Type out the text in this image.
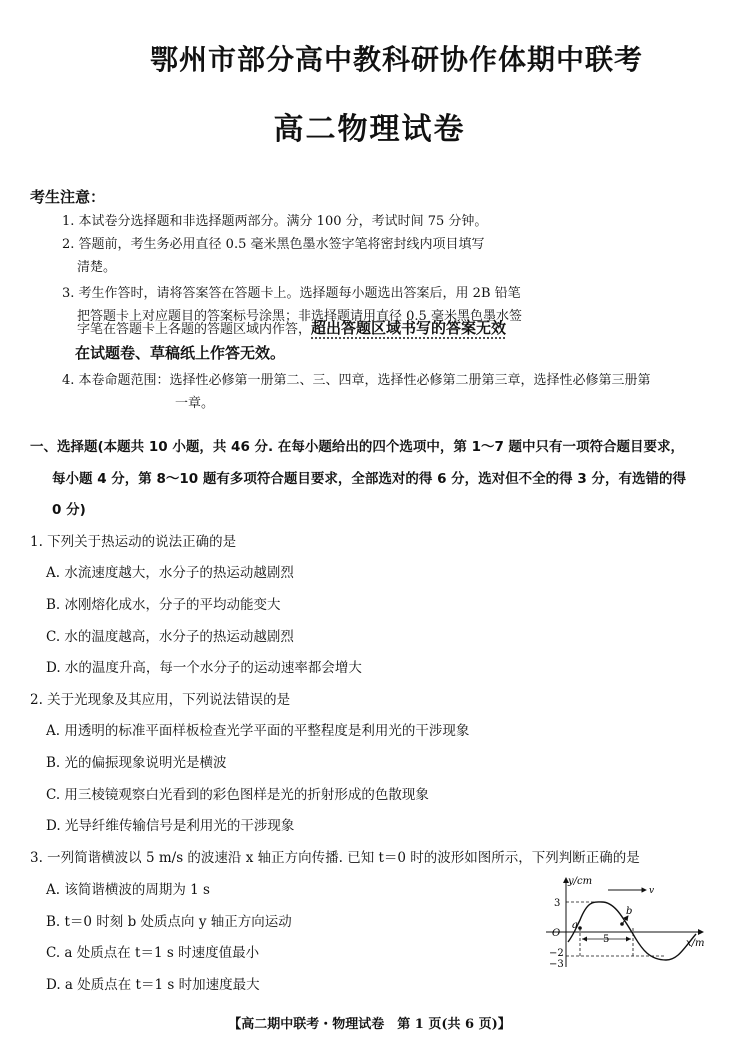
鄂州市部分高中教科研协作体期中联考
高二物理试卷
考生注意：
1. 本试卷分选择题和非选择题两部分。满分 100 分，考试时间 75 分钟。
2. 答题前，考生务必用直径 0.5 毫米黑色墨水签字笔将密封线内项目填写
清楚。
3. 考生作答时，请将答案答在答题卡上。选择题每小题选出答案后，用 2B 铅笔
把答题卡上对应题目的答案标号涂黑；非选择题请用直径 0.5 毫米黑色墨水签
字笔在答题卡上各题的答题区域内作答，超出答题区域书写的答案无效
在试题卷、草稿纸上作答无效。
4. 本卷命题范围：选择性必修第一册第二、三、四章，选择性必修第二册第三章，选择性必修第三册第
一章。
一、选择题(本题共 10 小题，共 46 分. 在每小题给出的四个选项中，第 1～7 题中只有一项符合题目要求，
每小题 4 分，第 8～10 题有多项符合题目要求，全部选对的得 6 分，选对但不全的得 3 分，有选错的得
0 分)
1. 下列关于热运动的说法正确的是
A. 水流速度越大，水分子的热运动越剧烈
B. 冰刚熔化成水，分子的平均动能变大
C. 水的温度越高，水分子的热运动越剧烈
D. 水的温度升高，每一个水分子的运动速率都会增大
2. 关于光现象及其应用，下列说法错误的是
A. 用透明的标准平面样板检查光学平面的平整程度是利用光的干涉现象
B. 光的偏振现象说明光是横波
C. 用三棱镜观察白光看到的彩色图样是光的折射形成的色散现象
D. 光导纤维传输信号是利用光的干涉现象
3. 一列简谐横波以 5 m/s 的波速沿 x 轴正方向传播. 已知 t＝0 时的波形如图所示，下列判断正确的是
A. 该简谐横波的周期为 1 s
B. t＝0 时刻 b 处质点向 y 轴正方向运动
C. a 处质点在 t＝1 s 时速度值最小
D. a 处质点在 t＝1 s 时加速度最大
y/cm
x/m
v
O
3
−2
−3
5
a
b
【高二期中联考・物理试卷　第 1 页(共 6 页)】
